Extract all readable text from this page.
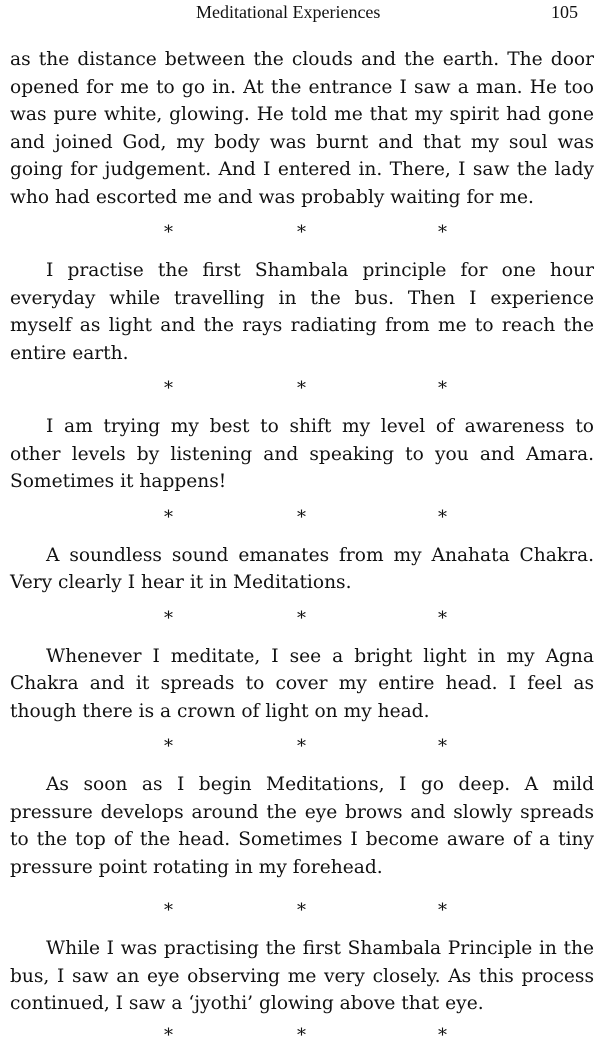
Meditational Experiences	105

as the distance between the clouds and the earth. The door opened for me to go in. At the entrance I saw a man. He too was pure white, glowing. He told me that my spirit had gone and joined God, my body was burnt and that my soul was going for judgement. And I entered in. There, I saw the lady who had escorted me and was probably waiting for me.

*	*	*

I practise the first Shambala principle for one hour everyday while travelling in the bus. Then I experience myself as light and the rays radiating from me to reach the entire earth.

*	*	*

I am trying my best to shift my level of awareness to other levels by listening and speaking to you and Amara. Sometimes it happens!

*	*	*

A soundless sound emanates from my Anahata Chakra. Very clearly I hear it in Meditations.

*	*	*

Whenever I meditate, I see a bright light in my Agna Chakra and it spreads to cover my entire head. I feel as though there is a crown of light on my head.

*	*	*

As soon as I begin Meditations, I go deep. A mild pressure develops around the eye brows and slowly spreads to the top of the head. Sometimes I become aware of a tiny pressure point rotating in my forehead.

*	*	*

While I was practising the first Shambala Principle in the bus, I saw an eye observing me very closely. As this process continued, I saw a ‘jyothi’ glowing above that eye.

*	*	*
